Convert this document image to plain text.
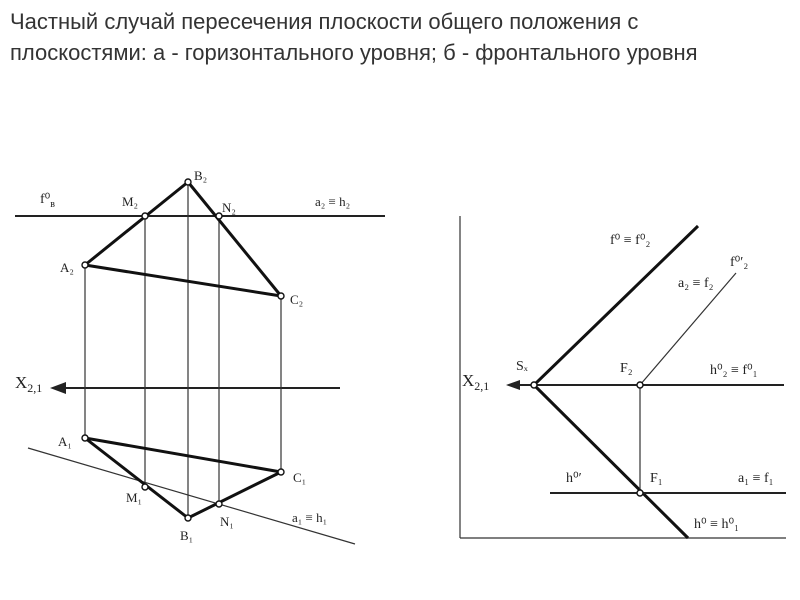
Частный случай пересечения плоскости общего положения с плоскостями: а - горизонтального уровня; б - фронтального уровня
$f^0_в$	a₂ ≡ h₂
B₂
M₂	N₂
A₂
C₂
$X_{2,1}$
A₁
C₁
M₁
N₁
B₁
a₁ ≡ h₁
f⁰ ≡ f⁰₂
f⁰′₂
a₂ ≡ f₂
$X_{2,1}$
Sₓ	F₂	h⁰₂ ≡ f⁰₁
h⁰′	F₁	a₁ ≡ f₁
h⁰ ≡ h⁰₁
